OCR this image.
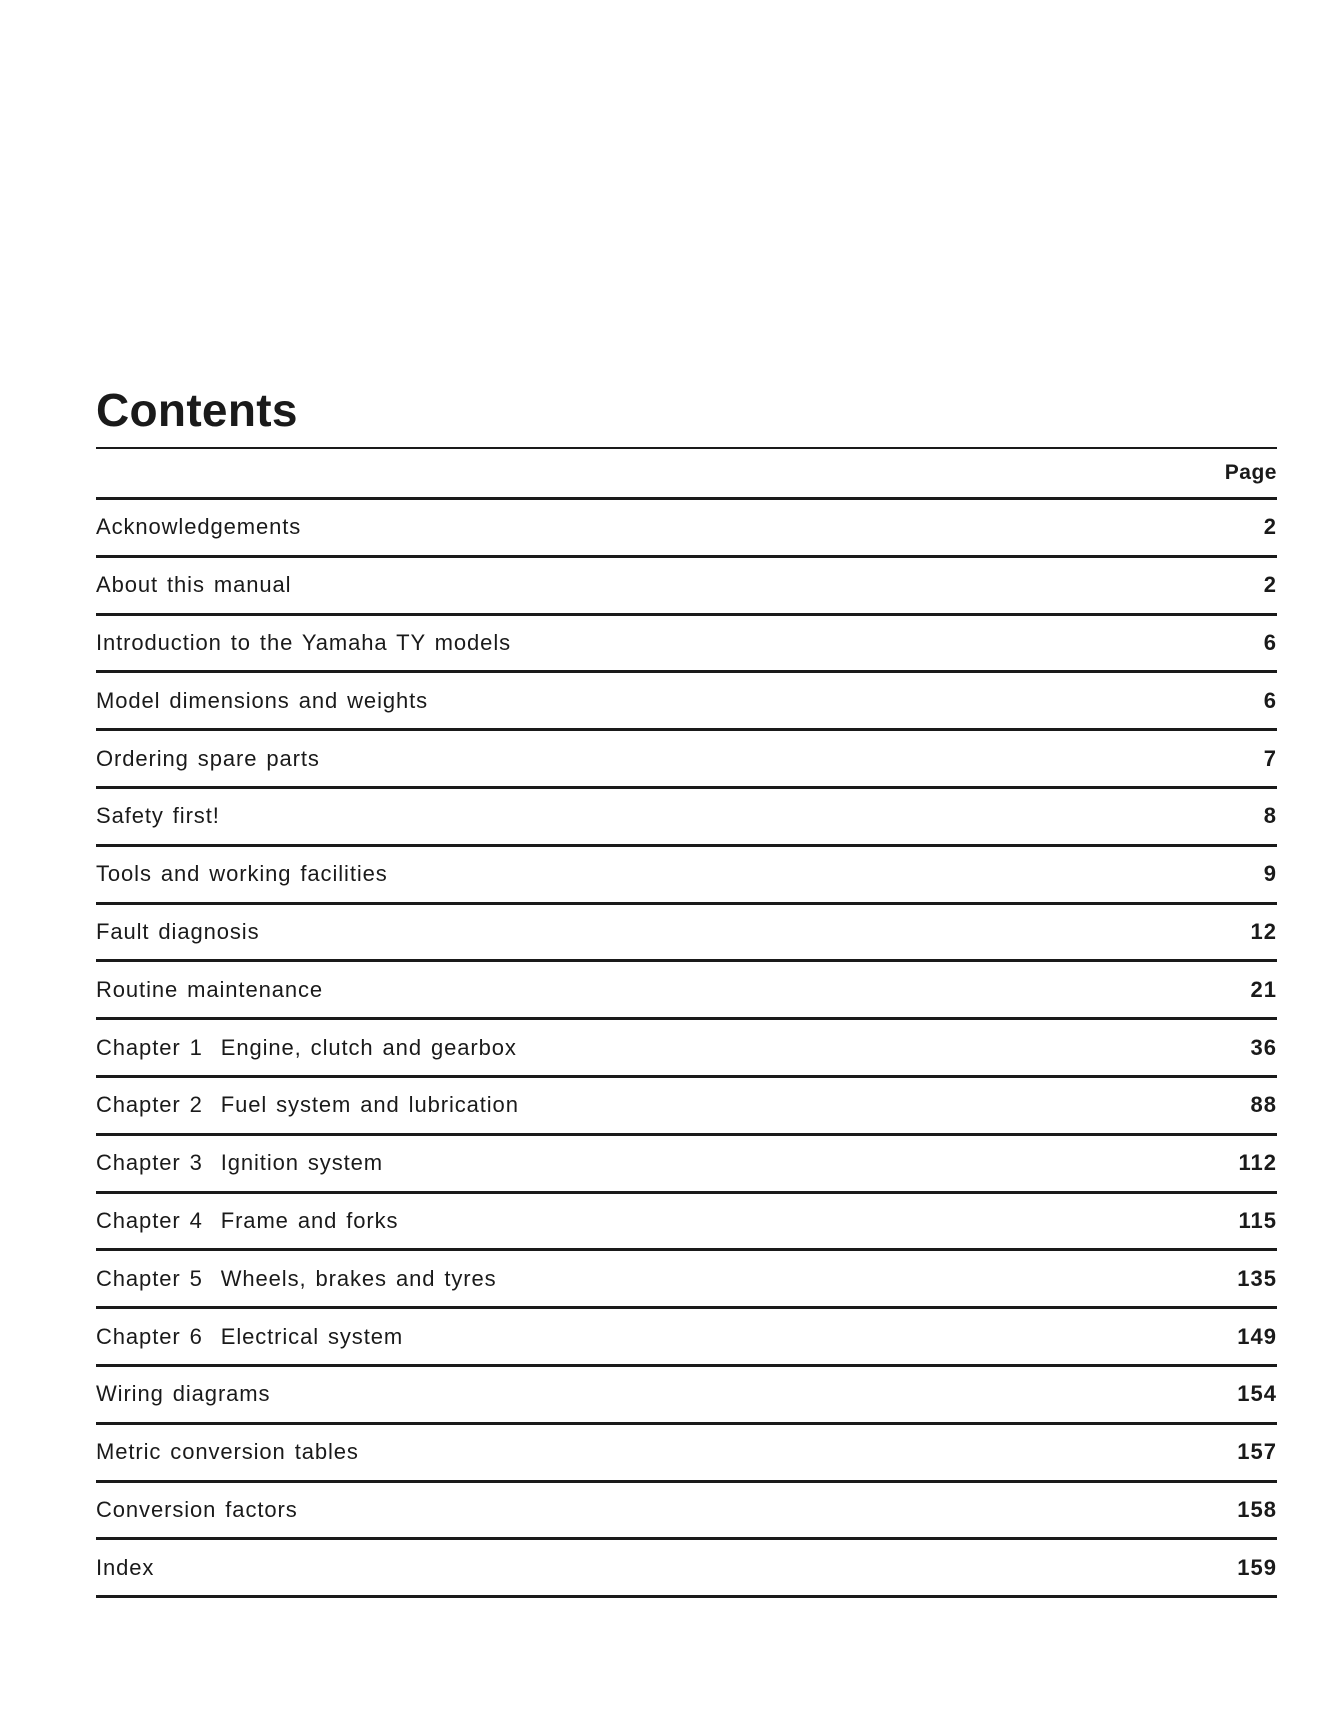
Contents
Page
Acknowledgements	2
About this manual	2
Introduction to the Yamaha TY models	6
Model dimensions and weights	6
Ordering spare parts	7
Safety first!	8
Tools and working facilities	9
Fault diagnosis	12
Routine maintenance	21
Chapter 1  Engine, clutch and gearbox	36
Chapter 2  Fuel system and lubrication	88
Chapter 3  Ignition system	112
Chapter 4  Frame and forks	115
Chapter 5  Wheels, brakes and tyres	135
Chapter 6  Electrical system	149
Wiring diagrams	154
Metric conversion tables	157
Conversion factors	158
Index	159
